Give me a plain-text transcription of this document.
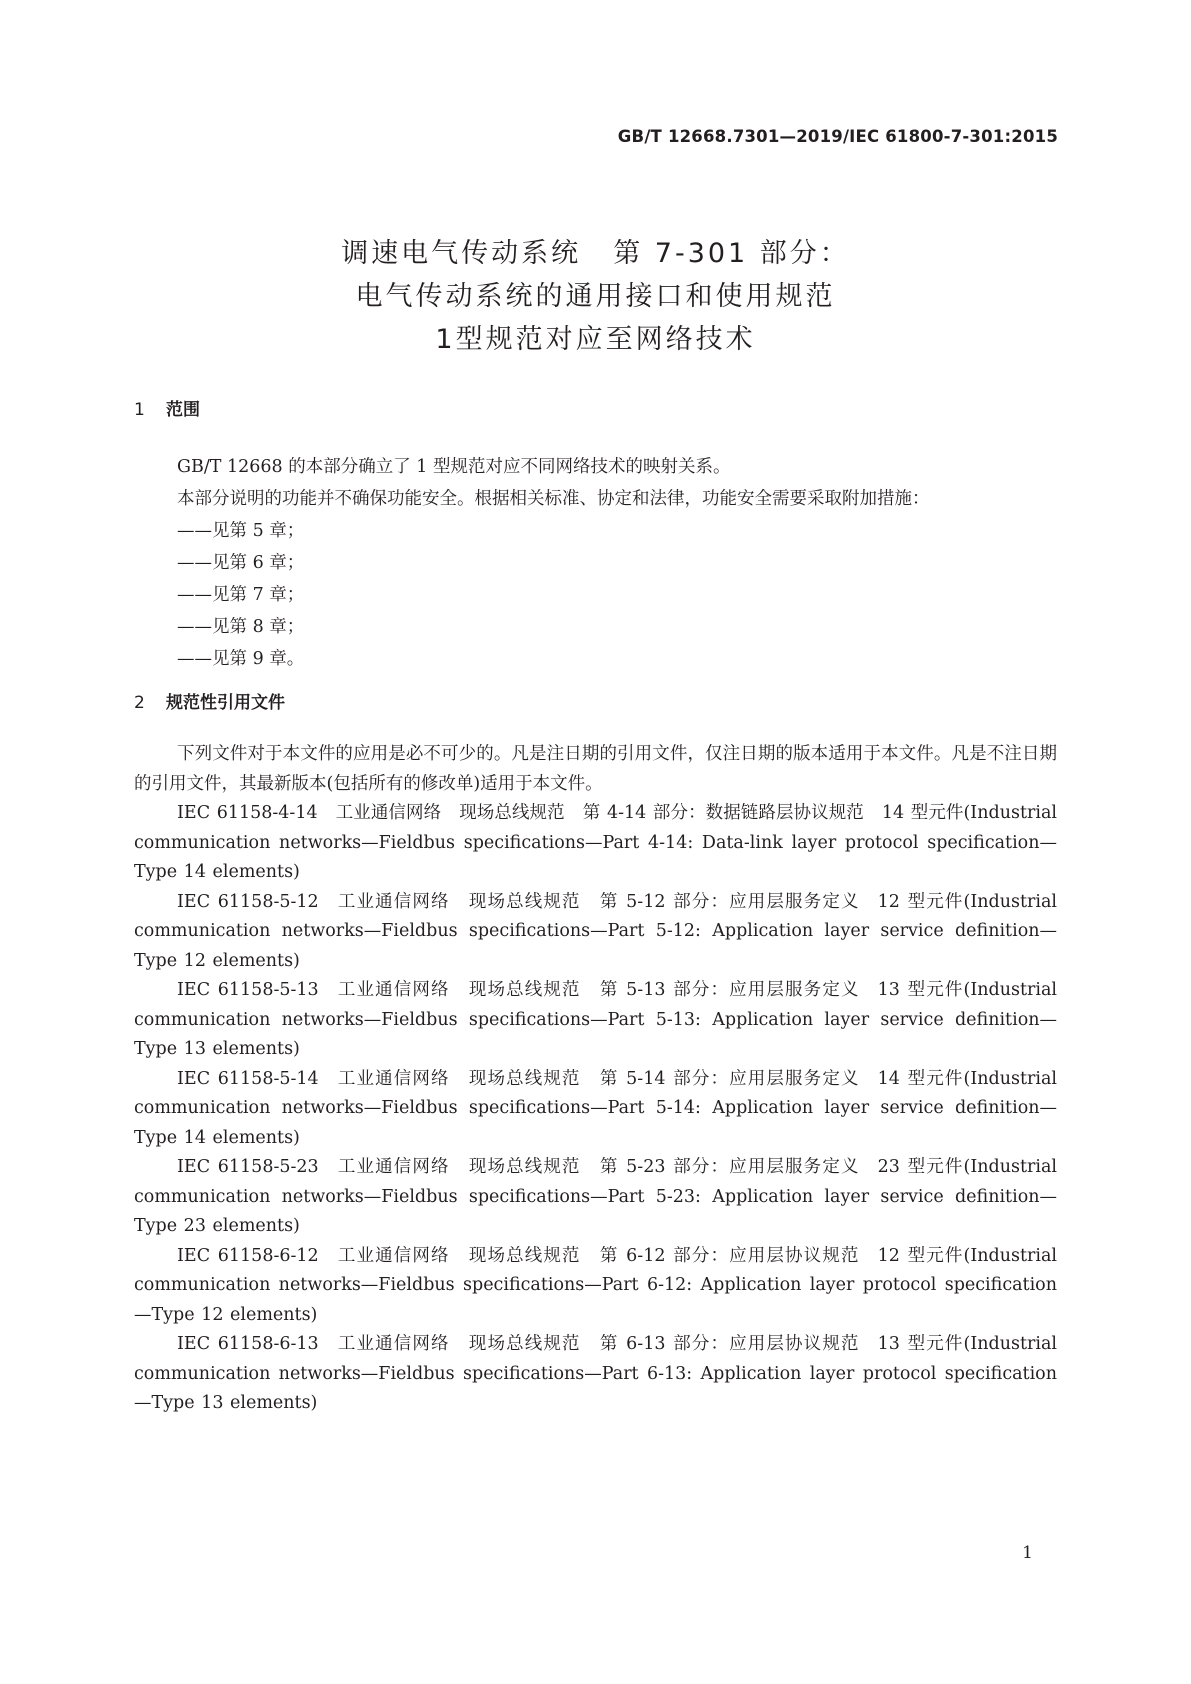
GB/T 12668.7301—2019/IEC 61800-7-301:2015
调速电气传动系统 第 7-301 部分：
电气传动系统的通用接口和使用规范
1型规范对应至网络技术
1 范围
GB/T 12668 的本部分确立了 1 型规范对应不同网络技术的映射关系。
本部分说明的功能并不确保功能安全。根据相关标准、协定和法律，功能安全需要采取附加措施：
——见第 5 章；
——见第 6 章；
——见第 7 章；
——见第 8 章；
——见第 9 章。
2 规范性引用文件
下列文件对于本文件的应用是必不可少的。凡是注日期的引用文件，仅注日期的版本适用于本文件。凡是不注日期的引用文件，其最新版本(包括所有的修改单)适用于本文件。
IEC 61158-4-14 工业通信网络 现场总线规范 第 4-14 部分：数据链路层协议规范 14 型元件(Industrial communication networks—Fieldbus specifications—Part 4-14: Data-link layer protocol specification—Type 14 elements)
IEC 61158-5-12 工业通信网络 现场总线规范 第 5-12 部分：应用层服务定义 12 型元件(Industrial communication networks—Fieldbus specifications—Part 5-12: Application layer service definition—Type 12 elements)
IEC 61158-5-13 工业通信网络 现场总线规范 第 5-13 部分：应用层服务定义 13 型元件(Industrial communication networks—Fieldbus specifications—Part 5-13: Application layer service definition—Type 13 elements)
IEC 61158-5-14 工业通信网络 现场总线规范 第 5-14 部分：应用层服务定义 14 型元件(Industrial communication networks—Fieldbus specifications—Part 5-14: Application layer service definition—Type 14 elements)
IEC 61158-5-23 工业通信网络 现场总线规范 第 5-23 部分：应用层服务定义 23 型元件(Industrial communication networks—Fieldbus specifications—Part 5-23: Application layer service definition—Type 23 elements)
IEC 61158-6-12 工业通信网络 现场总线规范 第 6-12 部分：应用层协议规范 12 型元件(Industrial communication networks—Fieldbus specifications—Part 6-12: Application layer protocol specification—Type 12 elements)
IEC 61158-6-13 工业通信网络 现场总线规范 第 6-13 部分：应用层协议规范 13 型元件(Industrial communication networks—Fieldbus specifications—Part 6-13: Application layer protocol specification—Type 13 elements)
1
